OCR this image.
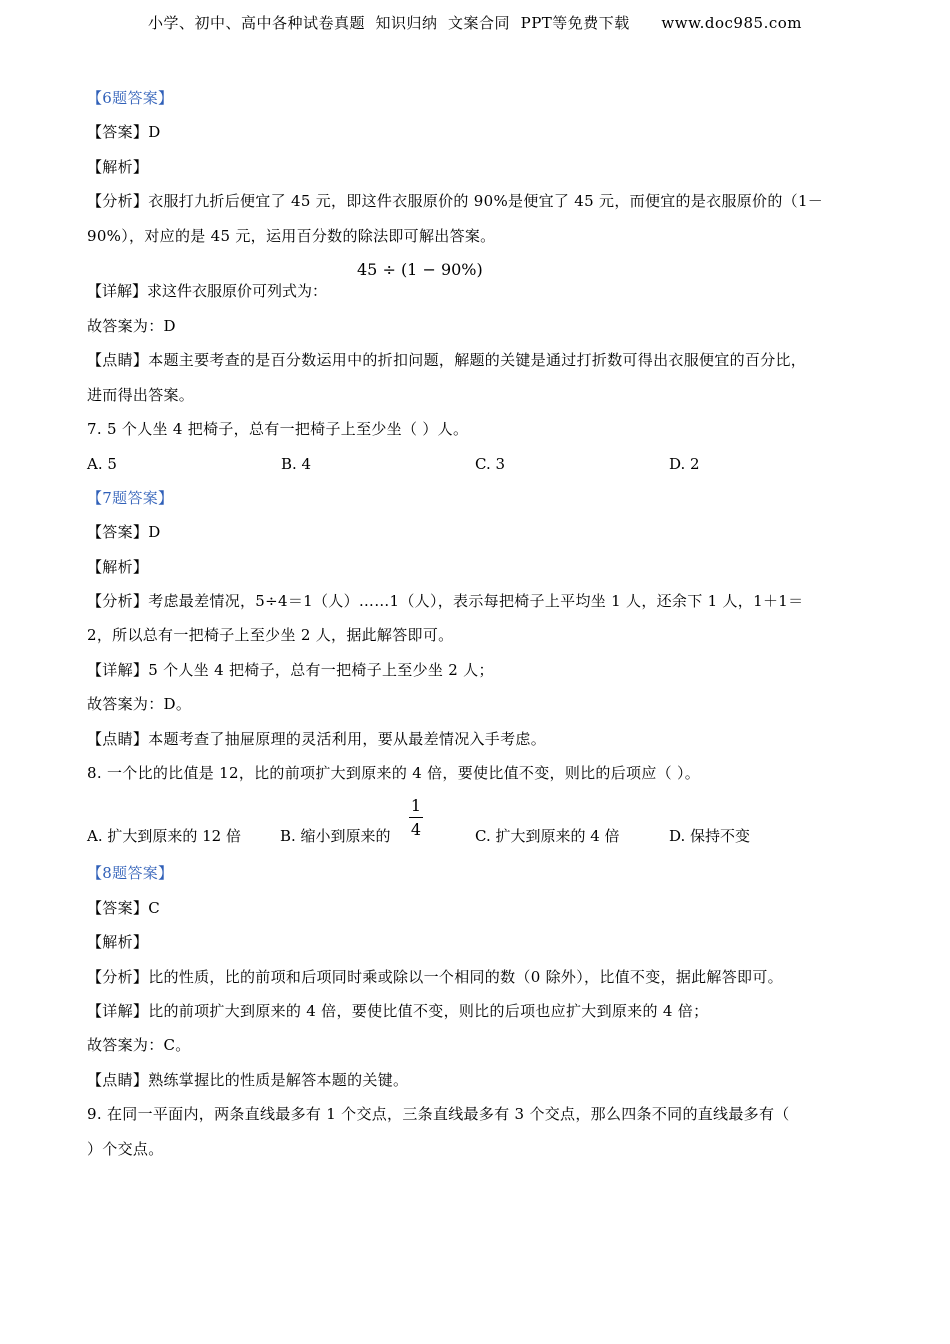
小学、初中、高中各种试卷真题  知识归纳  文案合同  PPT等免费下载      www.doc985.com
【6题答案】
【答案】D
【解析】
【分析】衣服打九折后便宜了 45 元，即这件衣服原价的 90%是便宜了 45 元，而便宜的是衣服原价的（1－
90%），对应的是 45 元，运用百分数的除法即可解出答案。
【详解】求这件衣服原价可列式为：
45 ÷ (1 − 90%)
故答案为：D
【点睛】本题主要考查的是百分数运用中的折扣问题，解题的关键是通过打折数可得出衣服便宜的百分比，
进而得出答案。
7. 5 个人坐 4 把椅子，总有一把椅子上至少坐（ ）人。
A. 5	B. 4	C. 3	D. 2
【7题答案】
【答案】D
【解析】
【分析】考虑最差情况，5÷4＝1（人）……1（人），表示每把椅子上平均坐 1 人，还余下 1 人，1＋1＝
2，所以总有一把椅子上至少坐 2 人，据此解答即可。
【详解】5 个人坐 4 把椅子，总有一把椅子上至少坐 2 人；
故答案为：D。
【点睛】本题考查了抽屉原理的灵活利用，要从最差情况入手考虑。
8. 一个比的比值是 12，比的前项扩大到原来的 4 倍，要使比值不变，则比的后项应（ ）。
A. 扩大到原来的 12 倍	B. 缩小到原来的
1
4	C. 扩大到原来的 4 倍	D. 保持不变
【8题答案】
【答案】C
【解析】
【分析】比的性质，比的前项和后项同时乘或除以一个相同的数（0 除外），比值不变，据此解答即可。
【详解】比的前项扩大到原来的 4 倍，要使比值不变，则比的后项也应扩大到原来的 4 倍；
故答案为：C。
【点睛】熟练掌握比的性质是解答本题的关键。
9. 在同一平面内，两条直线最多有 1 个交点，三条直线最多有 3 个交点，那么四条不同的直线最多有（
）个交点。
